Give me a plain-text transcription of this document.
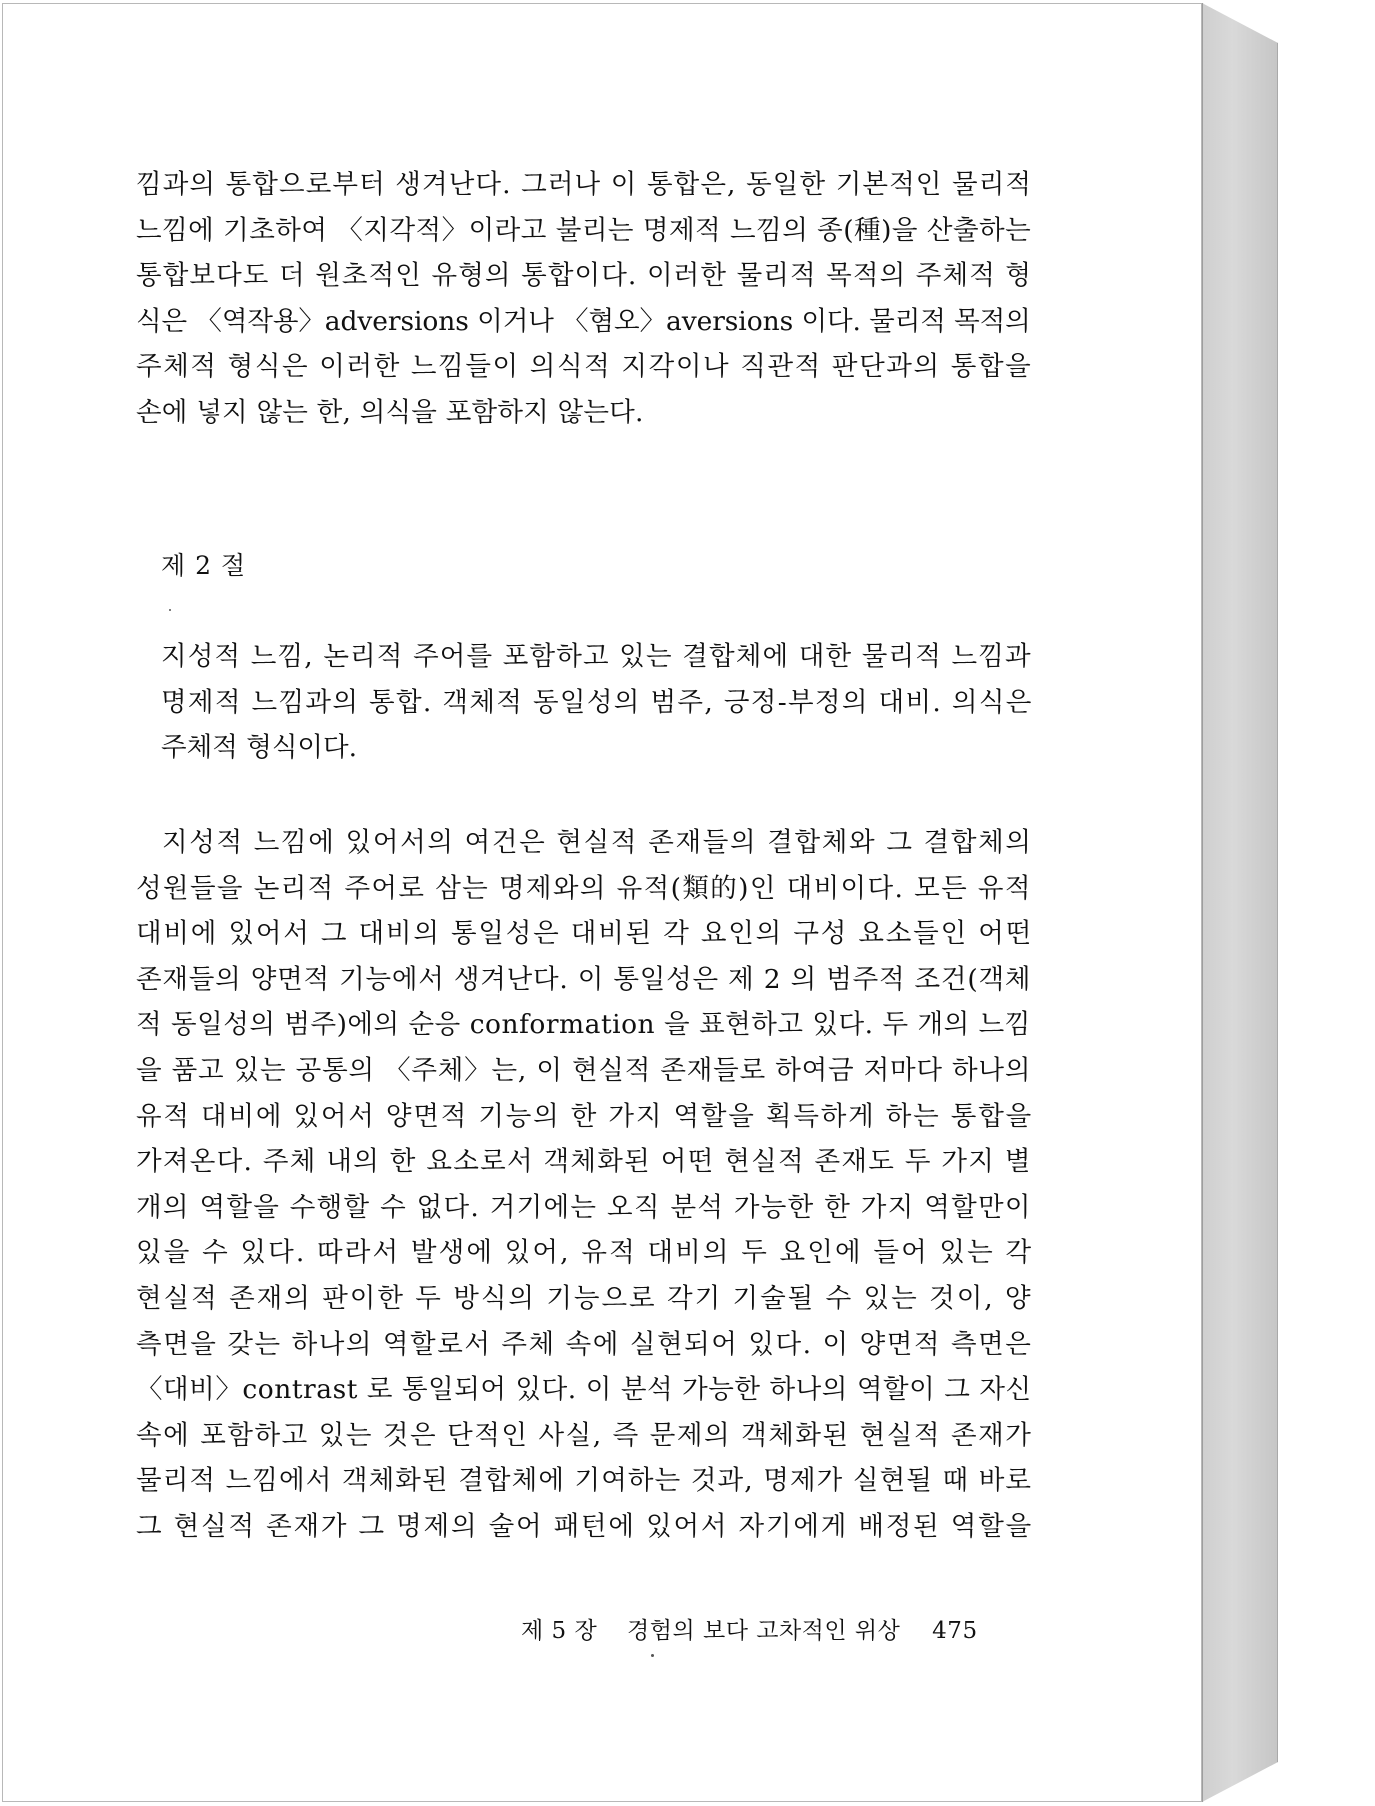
낌과의 통합으로부터 생겨난다. 그러나 이 통합은, 동일한 기본적인 물리적
느낌에 기초하여 〈지각적〉이라고 불리는 명제적 느낌의 종(種)을 산출하는
통합보다도 더 원초적인 유형의 통합이다. 이러한 물리적 목적의 주체적 형
식은 〈역작용〉adversions 이거나 〈혐오〉aversions 이다. 물리적 목적의
주체적 형식은 이러한 느낌들이 의식적 지각이나 직관적 판단과의 통합을
손에 넣지 않는 한, 의식을 포함하지 않는다.
제 2 절
지성적 느낌, 논리적 주어를 포함하고 있는 결합체에 대한 물리적 느낌과
명제적 느낌과의 통합. 객체적 동일성의 범주, 긍정-부정의 대비. 의식은
주체적 형식이다.
지성적 느낌에 있어서의 여건은 현실적 존재들의 결합체와 그 결합체의
성원들을 논리적 주어로 삼는 명제와의 유적(類的)인 대비이다. 모든 유적
대비에 있어서 그 대비의 통일성은 대비된 각 요인의 구성 요소들인 어떤
존재들의 양면적 기능에서 생겨난다. 이 통일성은 제 2 의 범주적 조건(객체
적 동일성의 범주)에의 순응 conformation 을 표현하고 있다. 두 개의 느낌
을 품고 있는 공통의 〈주체〉는, 이 현실적 존재들로 하여금 저마다 하나의
유적 대비에 있어서 양면적 기능의 한 가지 역할을 획득하게 하는 통합을
가져온다. 주체 내의 한 요소로서 객체화된 어떤 현실적 존재도 두 가지 별
개의 역할을 수행할 수 없다. 거기에는 오직 분석 가능한 한 가지 역할만이
있을 수 있다. 따라서 발생에 있어, 유적 대비의 두 요인에 들어 있는 각
현실적 존재의 판이한 두 방식의 기능으로 각기 기술될 수 있는 것이, 양
측면을 갖는 하나의 역할로서 주체 속에 실현되어 있다. 이 양면적 측면은
〈대비〉contrast 로 통일되어 있다. 이 분석 가능한 하나의 역할이 그 자신
속에 포함하고 있는 것은 단적인 사실, 즉 문제의 객체화된 현실적 존재가
물리적 느낌에서 객체화된 결합체에 기여하는 것과, 명제가 실현될 때 바로
그 현실적 존재가 그 명제의 술어 패턴에 있어서 자기에게 배정된 역할을
제 5 장 경험의 보다 고차적인 위상 475
